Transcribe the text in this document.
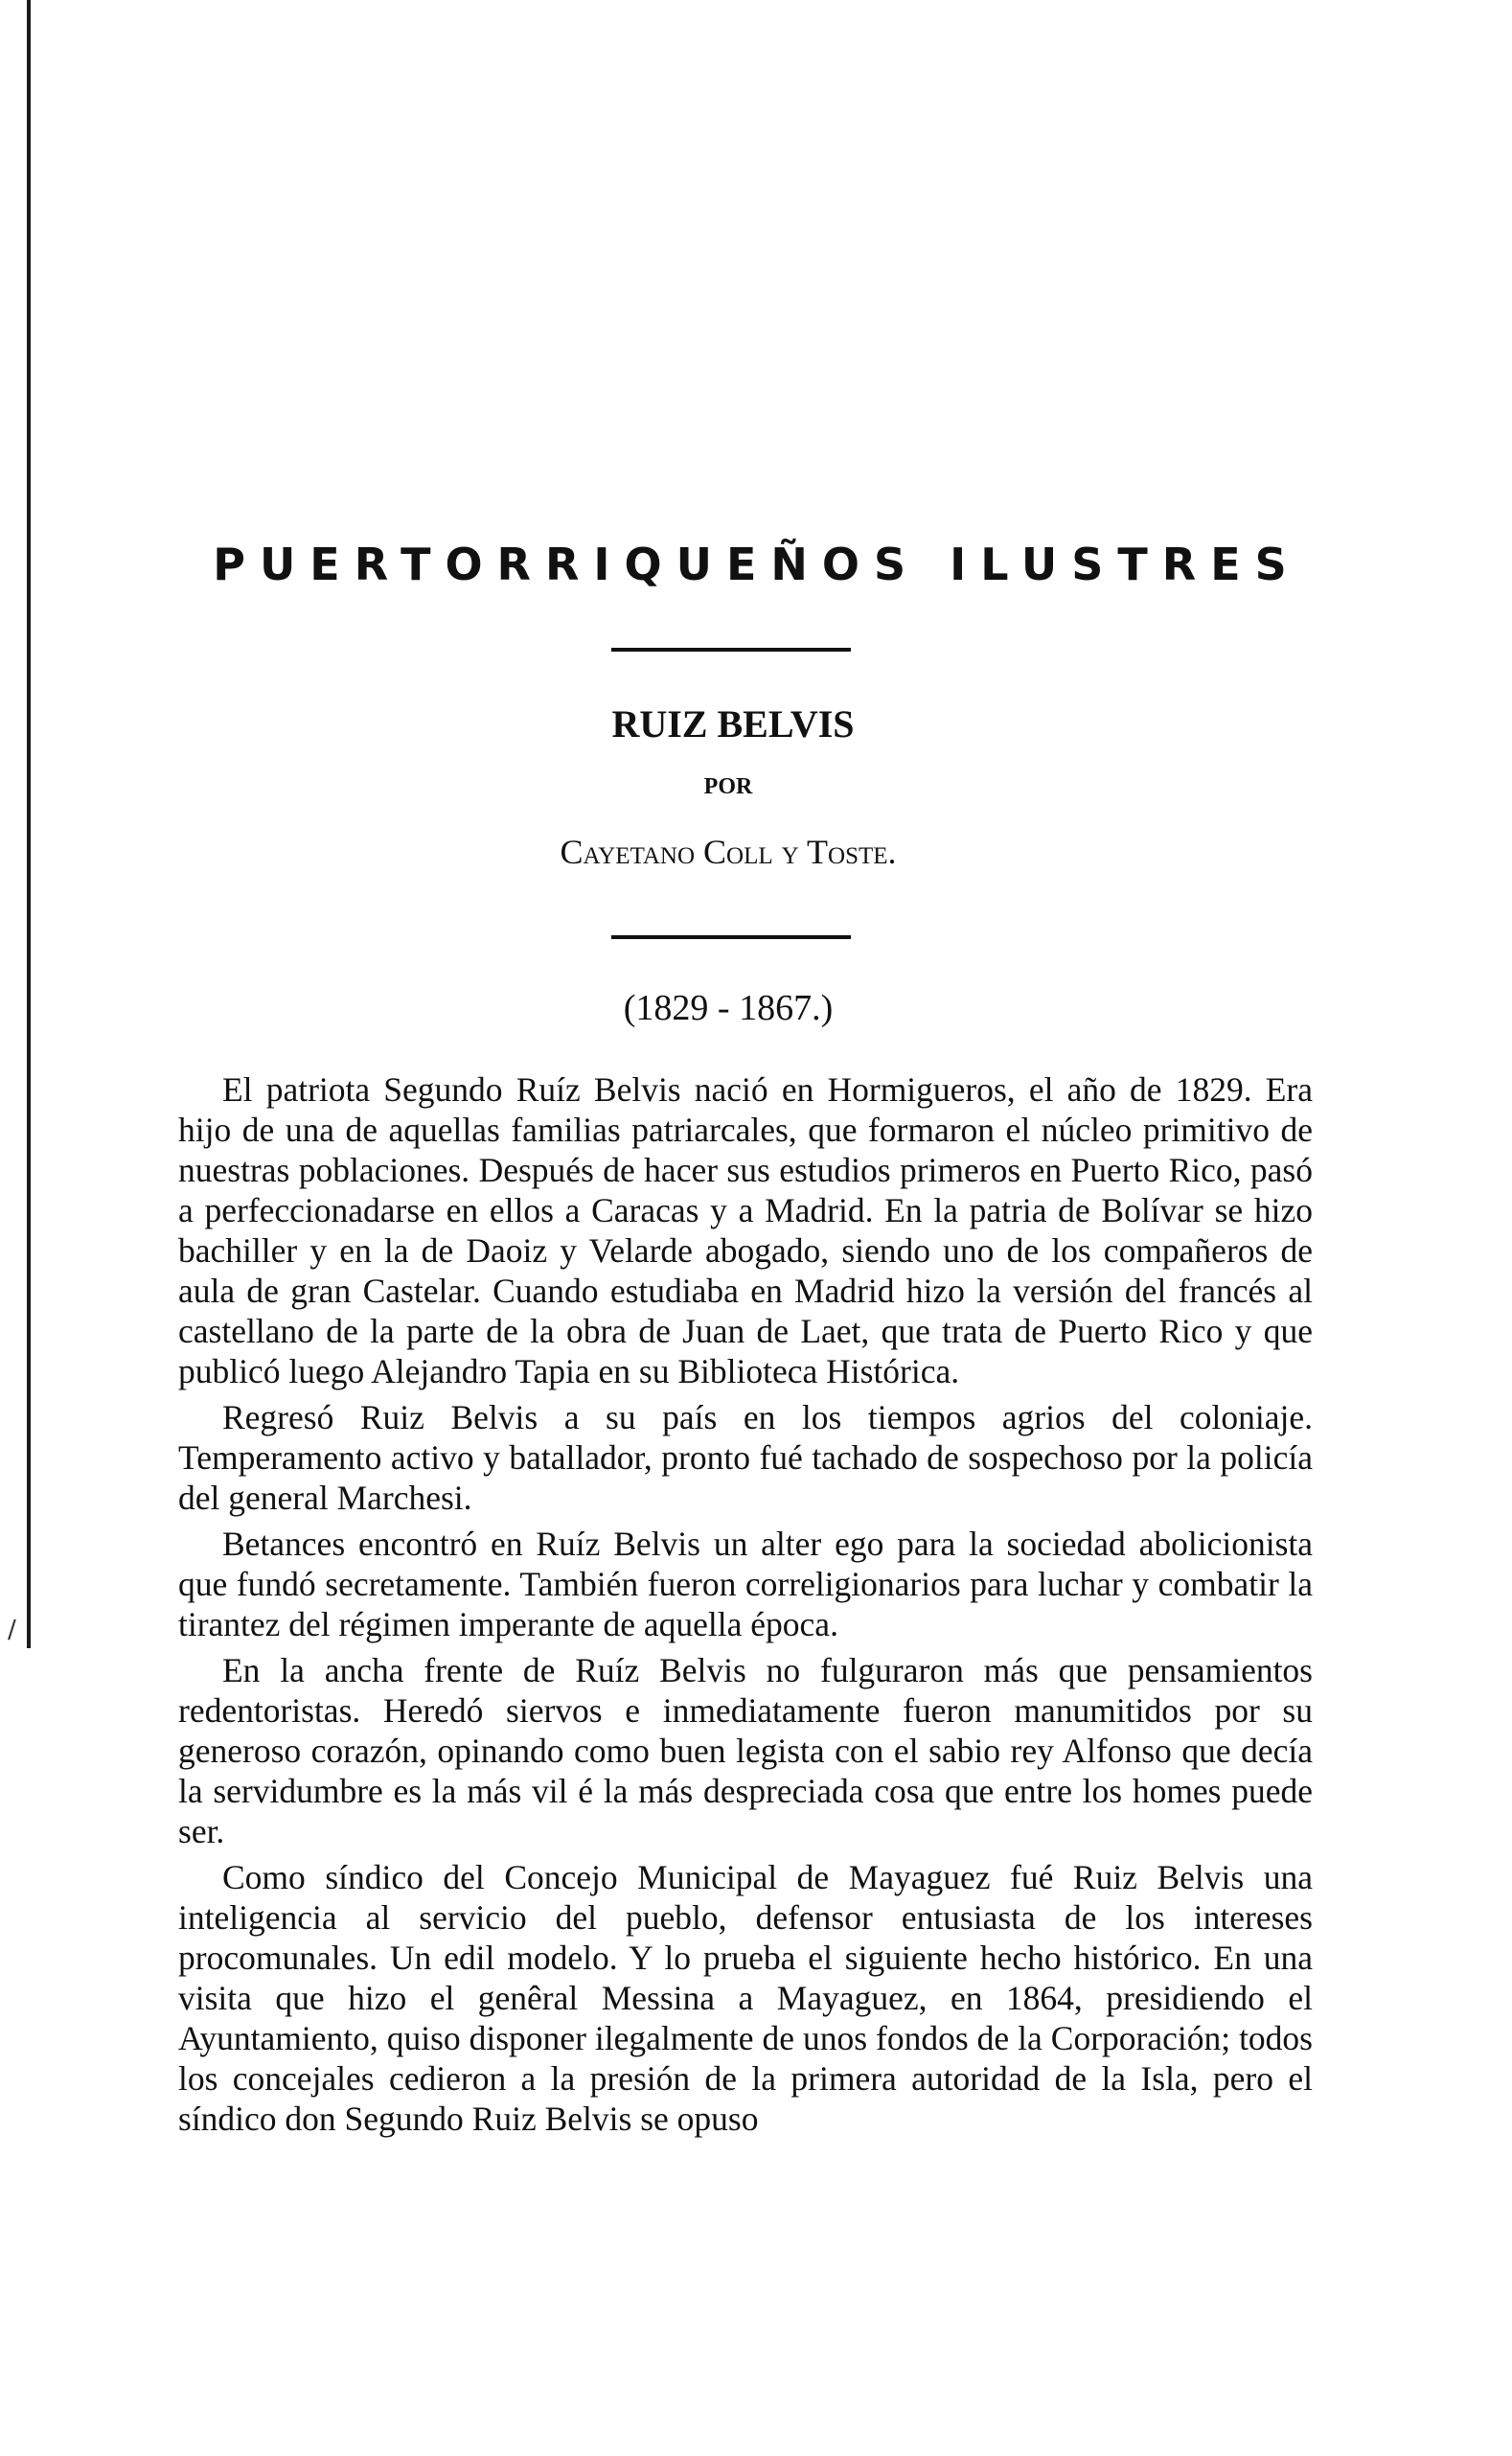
/
PUERTORRIQUEÑOS ILUSTRES
RUIZ BELVIS
POR
Cayetano Coll y Toste.
(1829 - 1867.)

El patriota Segundo Ruíz Belvis nació en Hormigueros, el año de 1829. Era hijo de una de aquellas familias patriarcales, que formaron el núcleo primitivo de nuestras poblaciones. Después de hacer sus estudios primeros en Puerto Rico, pasó a perfeccionadarse en ellos a Caracas y a Madrid. En la patria de Bolívar se hizo bachiller y en la de Daoiz y Velarde abogado, siendo uno de los compañeros de aula de gran Castelar. Cuando estudiaba en Madrid hizo la versión del francés al castellano de la parte de la obra de Juan de Laet, que trata de Puerto Rico y que publicó luego Alejandro Tapia en su Biblioteca Histórica.

Regresó Ruiz Belvis a su país en los tiempos agrios del coloniaje. Temperamento activo y batallador, pronto fué tachado de sospechoso por la policía del general Marchesi.

Betances encontró en Ruíz Belvis un alter ego para la sociedad abolicionista que fundó secretamente. También fueron correligionarios para luchar y combatir la tirantez del régimen imperante de aquella época.

En la ancha frente de Ruíz Belvis no fulguraron más que pensamientos redentoristas. Heredó siervos e inmediatamente fueron manumitidos por su generoso corazón, opinando como buen legista con el sabio rey Alfonso que decía la servidumbre es la más vil é la más despreciada cosa que entre los homes puede ser.

Como síndico del Concejo Municipal de Mayaguez fué Ruiz Belvis una inteligencia al servicio del pueblo, defensor entusiasta de los intereses procomunales. Un edil modelo. Y lo prueba el siguiente hecho histórico. En una visita que hizo el genêral Messina a Mayaguez, en 1864, presidiendo el Ayuntamiento, quiso disponer ilegalmente de unos fondos de la Corporación; todos los concejales cedieron a la presión de la primera autoridad de la Isla, pero el síndico don Segundo Ruiz Belvis se opuso
